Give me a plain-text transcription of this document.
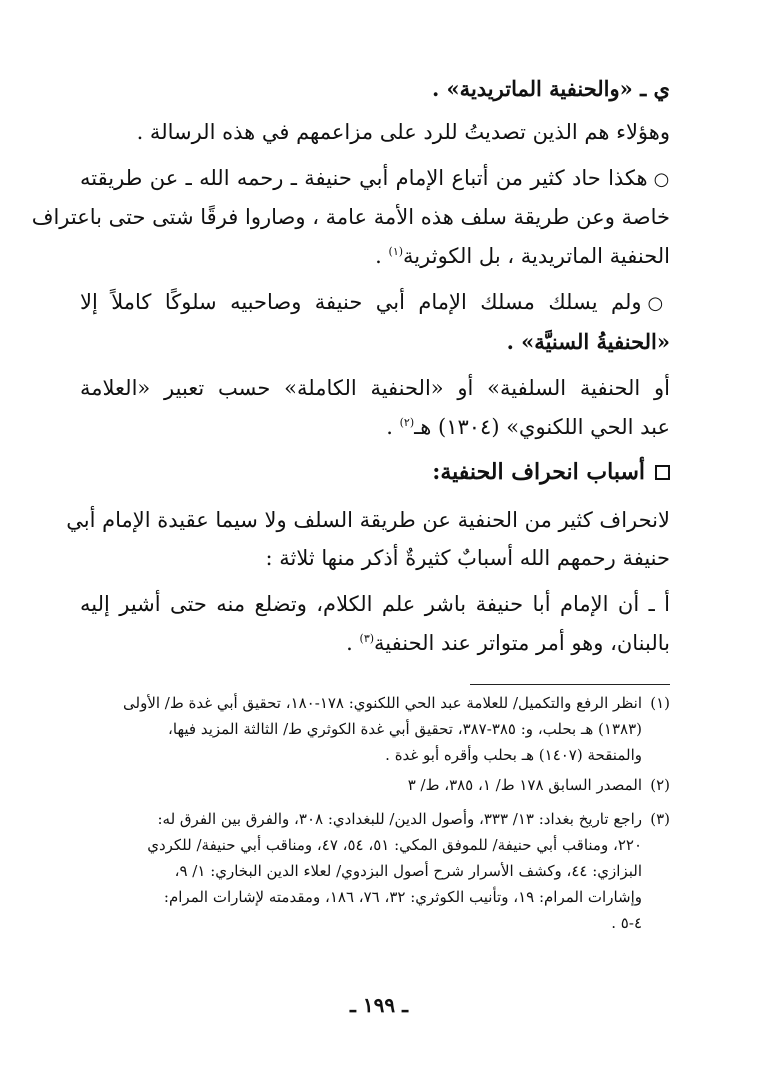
ي ـ «والحنفية الماتريدية» .
وهؤلاء هم الذين تصديتُ للرد على مزاعمهم في هذه الرسالة .
○هكذا حاد كثير من أتباع الإمام أبي حنيفة ـ رحمه الله ـ عن طريقته
خاصة وعن طريقة سلف هذه الأمة عامة ، وصاروا فرقًا شتى حتى باعتراف
الحنفية الماتريدية ، بل الكوثرية$^{(١)}$ .
○ولم يسلك مسلك الإمام أبي حنيفة وصاحبيه سلوكًا كاملاً إلا
«الحنفيةُ السنيَّة» .
أو الحنفية السلفية» أو «الحنفية الكاملة» حسب تعبير «العلامة
عبد الحي اللكنوي» (١٣٠٤) هـ$^{(٢)}$ .
أسباب انحراف الحنفية:
لانحراف كثير من الحنفية عن طريقة السلف ولا سيما عقيدة الإمام أبي
حنيفة رحمهم الله أسبابٌ كثيرةٌ أذكر منها ثلاثة :
أ ـ أن الإمام أبا حنيفة باشر علم الكلام، وتضلع منه حتى أشير إليه
بالبنان، وهو أمر متواتر عند الحنفية$^{(٣)}$ .
(١)
انظر الرفع والتكميل/ للعلامة عبد الحي اللكنوي: ١٧٨-١٨٠، تحقيق أبي غدة ط/ الأولى
(١٣٨٣) هـ بحلب، و: ٣٨٥-٣٨٧، تحقيق أبي غدة الكوثري ط/ الثالثة المزيد فيها،
والمنقحة (١٤٠٧) هـ بحلب وأقره أبو غدة .
(٢)
المصدر السابق ١٧٨ ط/ ١، ٣٨٥، ط/ ٣
(٣)
راجع تاريخ بغداد: ١٣/ ٣٣٣، وأصول الدين/ للبغدادي: ٣٠٨، والفرق بين الفرق له:
٢٢٠، ومناقب أبي حنيفة/ للموفق المكي: ٥١، ٥٤، ٤٧، ومناقب أبي حنيفة/ للكردي
البزازي: ٤٤، وكشف الأسرار شرح أصول البزدوي/ لعلاء الدين البخاري: ١/ ٩،
وإشارات المرام: ١٩، وتأنيب الكوثري: ٣٢، ٧٦، ١٨٦، ومقدمته لإشارات المرام:
٤-٥ .
ـ ١٩٩ ـ
